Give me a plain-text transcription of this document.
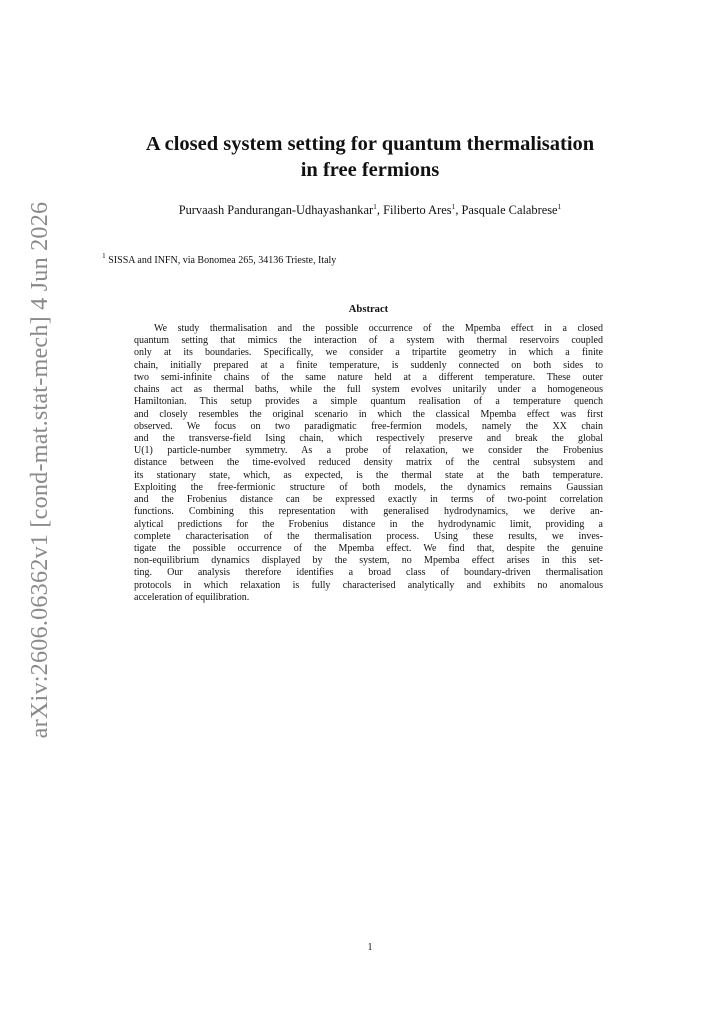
arXiv:2606.06362v1 [cond-mat.stat-mech] 4 Jun 2026
A closed system setting for quantum thermalisation
in free fermions
Purvaash Pandurangan-Udhayashankar$^1$, Filiberto Ares$^1$, Pasquale Calabrese$^1$
$^1$ SISSA and INFN, via Bonomea 265, 34136 Trieste, Italy
Abstract
We study thermalisation and the possible occurrence of the Mpemba effect in a closed
quantum setting that mimics the interaction of a system with thermal reservoirs coupled
only at its boundaries. Specifically, we consider a tripartite geometry in which a finite
chain, initially prepared at a finite temperature, is suddenly connected on both sides to
two semi-infinite chains of the same nature held at a different temperature. These outer
chains act as thermal baths, while the full system evolves unitarily under a homogeneous
Hamiltonian. This setup provides a simple quantum realisation of a temperature quench
and closely resembles the original scenario in which the classical Mpemba effect was first
observed. We focus on two paradigmatic free-fermion models, namely the XX chain
and the transverse-field Ising chain, which respectively preserve and break the global
U(1) particle-number symmetry. As a probe of relaxation, we consider the Frobenius
distance between the time-evolved reduced density matrix of the central subsystem and
its stationary state, which, as expected, is the thermal state at the bath temperature.
Exploiting the free-fermionic structure of both models, the dynamics remains Gaussian
and the Frobenius distance can be expressed exactly in terms of two-point correlation
functions. Combining this representation with generalised hydrodynamics, we derive an-
alytical predictions for the Frobenius distance in the hydrodynamic limit, providing a
complete characterisation of the thermalisation process. Using these results, we inves-
tigate the possible occurrence of the Mpemba effect. We find that, despite the genuine
non-equilibrium dynamics displayed by the system, no Mpemba effect arises in this set-
ting. Our analysis therefore identifies a broad class of boundary-driven thermalisation
protocols in which relaxation is fully characterised analytically and exhibits no anomalous
acceleration of equilibration.
1
